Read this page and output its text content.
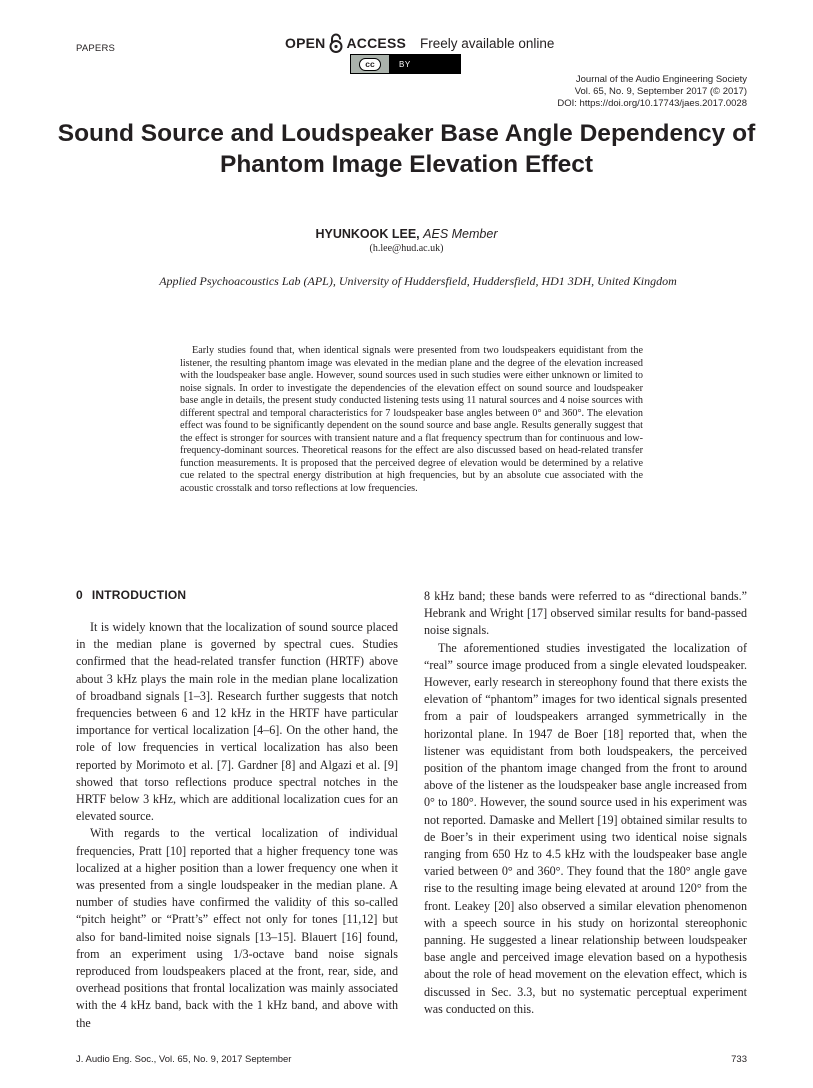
PAPERS	OPEN ACCESS Freely available online
cc	BY
Journal of the Audio Engineering Society
Vol. 65, No. 9, September 2017 (© 2017)
DOI: https://doi.org/10.17743/jaes.2017.0028
Sound Source and Loudspeaker Base Angle Dependency of Phantom Image Elevation Effect
HYUNKOOK LEE, AES Member
(h.lee@hud.ac.uk)
Applied Psychoacoustics Lab (APL), University of Huddersfield, Huddersfield, HD1 3DH, United Kingdom

Early studies found that, when identical signals were presented from two loudspeakers equidistant from the listener, the resulting phantom image was elevated in the median plane and the degree of the elevation increased with the loudspeaker base angle. However, sound sources used in such studies were either unknown or limited to noise signals. In order to investigate the dependencies of the elevation effect on sound source and loudspeaker base angle in details, the present study conducted listening tests using 11 natural sources and 4 noise sources with different spectral and temporal characteristics for 7 loudspeaker base angles between 0° and 360°. The elevation effect was found to be significantly dependent on the sound source and base angle. Results generally suggest that the effect is stronger for sources with transient nature and a flat frequency spectrum than for continuous and low-frequency-dominant sources. Theoretical reasons for the effect are also discussed based on head-related transfer function measurements. It is proposed that the perceived degree of elevation would be determined by a relative cue related to the spectral energy distribution at high frequencies, but by an absolute cue associated with the acoustic crosstalk and torso reflections at low frequencies.

0 INTRODUCTION

It is widely known that the localization of sound source placed in the median plane is governed by spectral cues. Studies confirmed that the head-related transfer function (HRTF) above about 3 kHz plays the main role in the median plane localization of broadband signals [1–3]. Research further suggests that notch frequencies between 6 and 12 kHz in the HRTF have particular importance for vertical localization [4–6]. On the other hand, the role of low frequencies in vertical localization has also been reported by Morimoto et al. [7]. Gardner [8] and Algazi et al. [9] showed that torso reflections produce spectral notches in the HRTF below 3 kHz, which are additional localization cues for an elevated source.

With regards to the vertical localization of individual frequencies, Pratt [10] reported that a higher frequency tone was localized at a higher position than a lower frequency one when it was presented from a single loudspeaker in the median plane. A number of studies have confirmed the validity of this so-called “pitch height” or “Pratt’s” effect not only for tones [11,12] but also for band-limited noise signals [13–15]. Blauert [16] found, from an experiment using 1/3-octave band noise signals reproduced from loudspeakers placed at the front, rear, side, and overhead positions that frontal localization was mainly associated with the 4 kHz band, back with the 1 kHz band, and above with the

8 kHz band; these bands were referred to as “directional bands.” Hebrank and Wright [17] observed similar results for band-passed noise signals.

The aforementioned studies investigated the localization of “real” source image produced from a single elevated loudspeaker. However, early research in stereophony found that there exists the elevation of “phantom” images for two identical signals presented from a pair of loudspeakers arranged symmetrically in the horizontal plane. In 1947 de Boer [18] reported that, when the listener was equidistant from both loudspeakers, the perceived position of the phantom image changed from the front to around above of the listener as the loudspeaker base angle increased from 0° to 180°. However, the sound source used in his experiment was not reported. Damaske and Mellert [19] obtained similar results to de Boer’s in their experiment using two identical noise signals ranging from 650 Hz to 4.5 kHz with the loudspeaker base angle varied between 0° and 360°. They found that the 180° angle gave rise to the resulting image being elevated at around 120° from the front. Leakey [20] also observed a similar elevation phenomenon with a speech source in his study on horizontal stereophonic panning. He suggested a linear relationship between loudspeaker base angle and perceived image elevation based on a hypothesis about the role of head movement on the elevation effect, which is discussed in Sec. 3.3, but no systematic perceptual experiment was conducted on this.

J. Audio Eng. Soc., Vol. 65, No. 9, 2017 September	733
